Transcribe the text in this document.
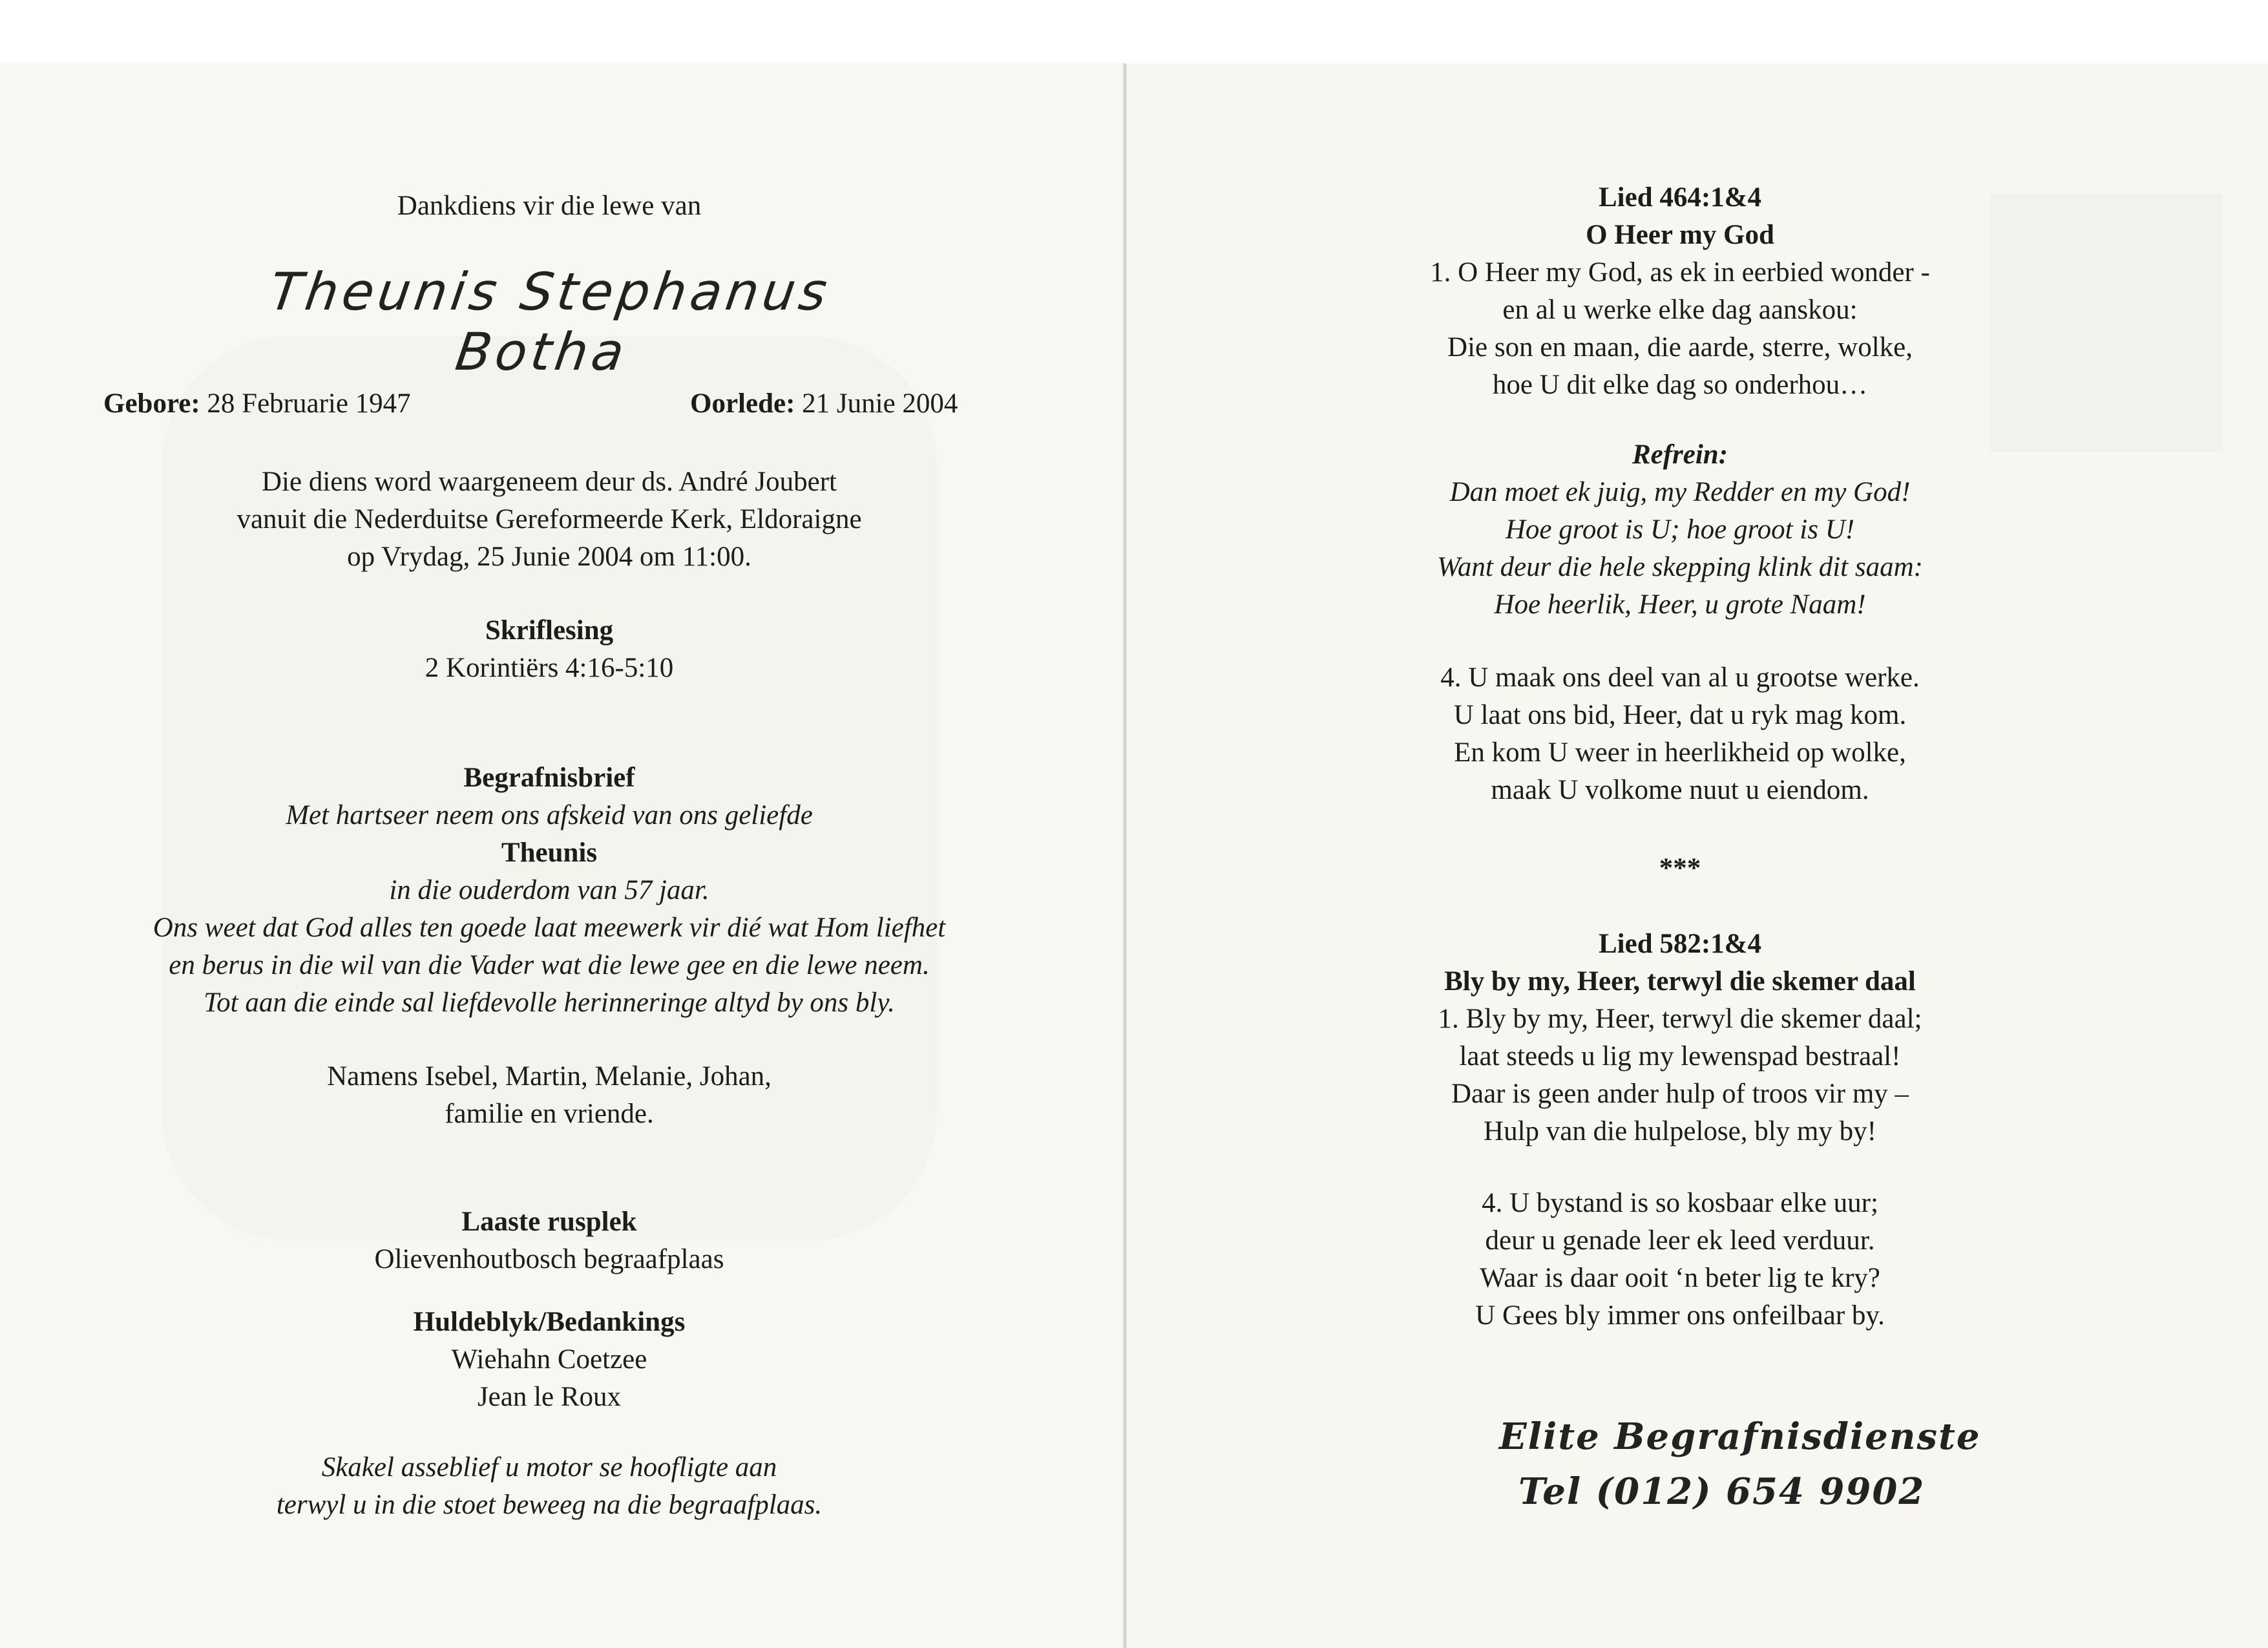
Dankdiens vir die lewe van
Theunis Stephanus Botha
Gebore: 28 Februarie 1947	Oorlede: 21 Junie 2004
Die diens word waargeneem deur ds. André Joubert
vanuit die Nederduitse Gereformeerde Kerk, Eldoraigne
op Vrydag, 25 Junie 2004 om 11:00.
Skriflesing
2 Korintiërs 4:16-5:10
Begrafnisbrief
Met hartseer neem ons afskeid van ons geliefde
Theunis
in die ouderdom van 57 jaar.
Ons weet dat God alles ten goede laat meewerk vir dié wat Hom liefhet
en berus in die wil van die Vader wat die lewe gee en die lewe neem.
Tot aan die einde sal liefdevolle herinneringe altyd by ons bly.
Namens Isebel, Martin, Melanie, Johan,
familie en vriende.
Laaste rusplek
Olievenhoutbosch begraafplaas
Huldeblyk/Bedankings
Wiehahn Coetzee
Jean le Roux
Skakel asseblief u motor se hoofligte aan
terwyl u in die stoet beweeg na die begraafplaas.
Lied 464:1&4
O Heer my God
1. O Heer my God, as ek in eerbied wonder -
en al u werke elke dag aanskou:
Die son en maan, die aarde, sterre, wolke,
hoe U dit elke dag so onderhou…
Refrein:
Dan moet ek juig, my Redder en my God!
Hoe groot is U; hoe groot is U!
Want deur die hele skepping klink dit saam:
Hoe heerlik, Heer, u grote Naam!
4. U maak ons deel van al u grootse werke.
U laat ons bid, Heer, dat u ryk mag kom.
En kom U weer in heerlikheid op wolke,
maak U volkome nuut u eiendom.
***
Lied 582:1&4
Bly by my, Heer, terwyl die skemer daal
1. Bly by my, Heer, terwyl die skemer daal;
laat steeds u lig my lewenspad bestraal!
Daar is geen ander hulp of troos vir my –
Hulp van die hulpelose, bly my by!
4. U bystand is so kosbaar elke uur;
deur u genade leer ek leed verduur.
Waar is daar ooit ‘n beter lig te kry?
U Gees bly immer ons onfeilbaar by.
Elite Begrafnisdienste
Tel (012) 654 9902
